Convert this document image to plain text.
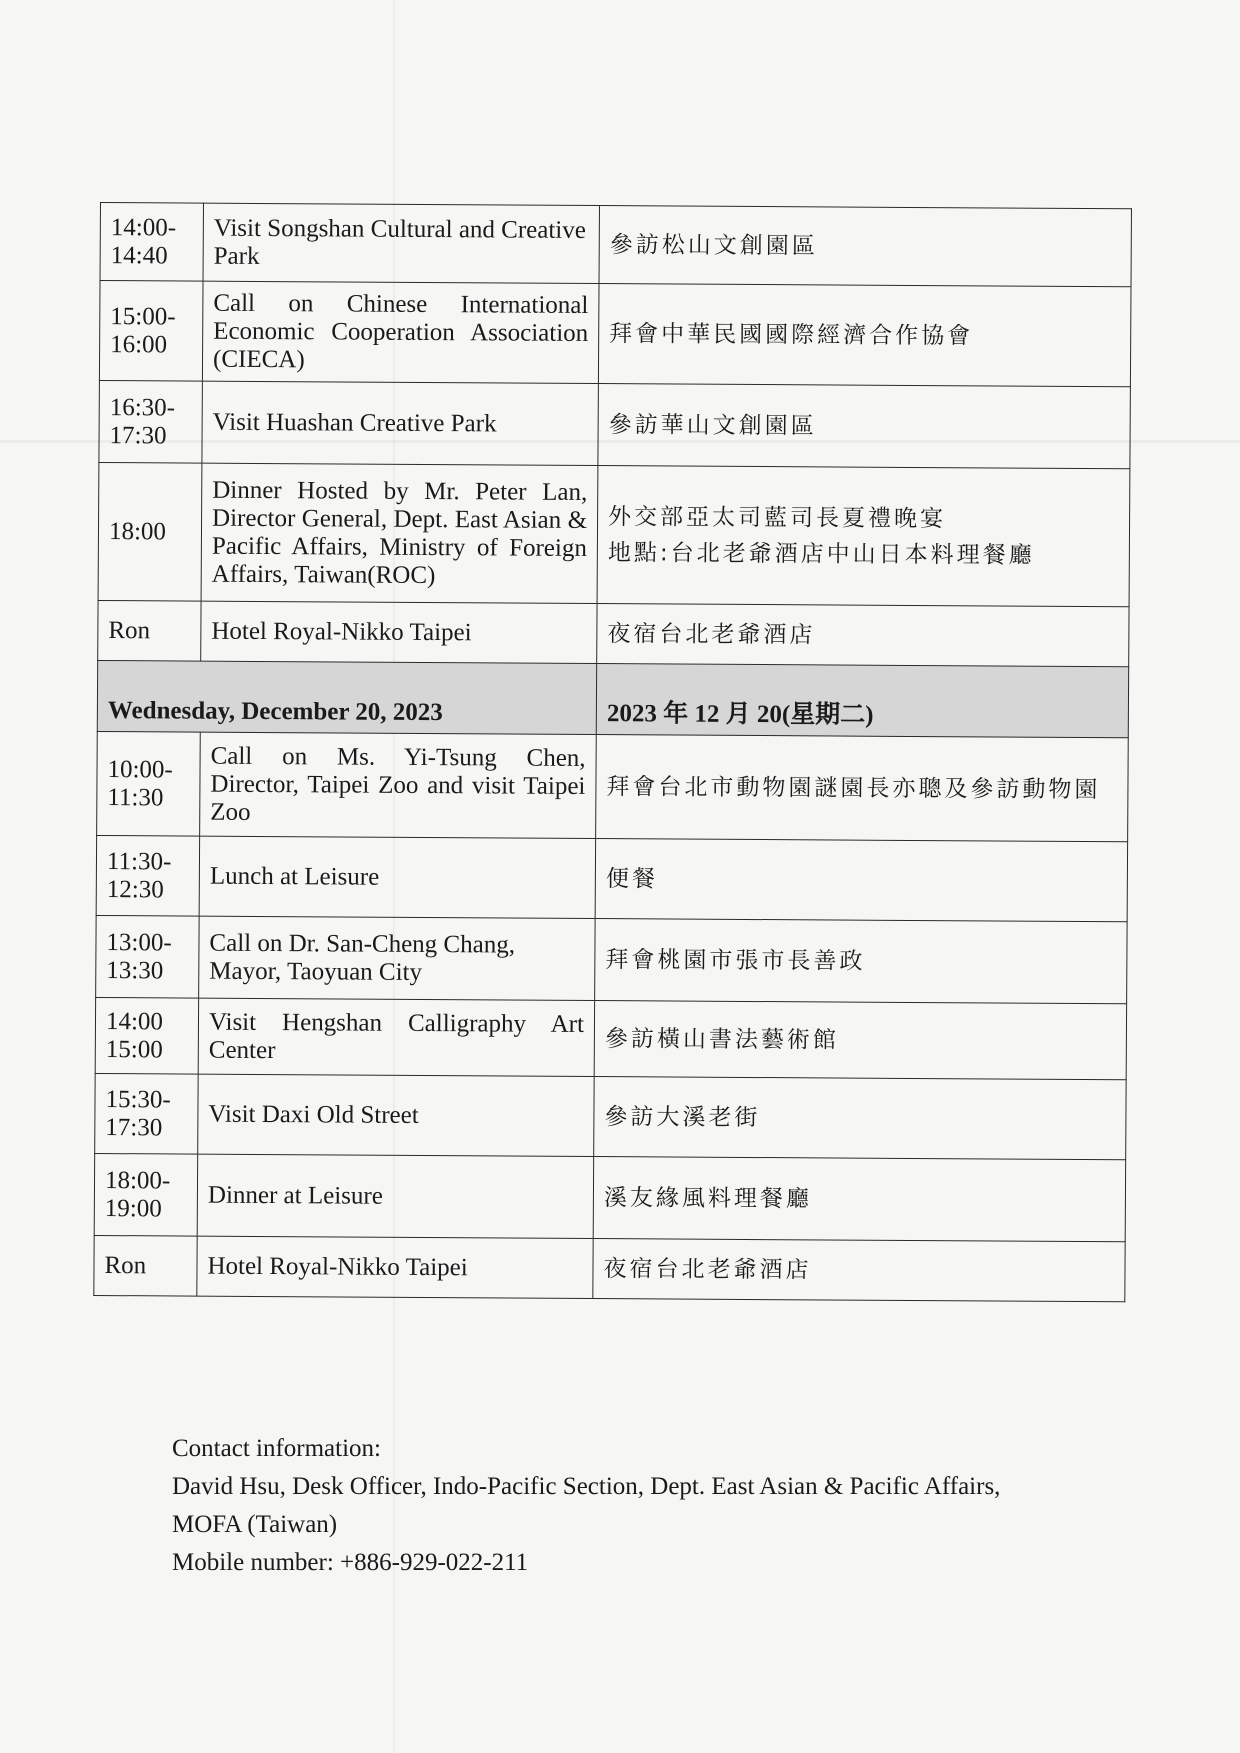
14:00-14:40	Visit Songshan Cultural and Creative Park	參訪松山文創園區
15:00-16:00	Call on Chinese International Economic Cooperation Association (CIECA)	拜會中華民國國際經濟合作協會
16:30-17:30	Visit Huashan Creative Park	參訪華山文創園區
18:00	Dinner Hosted by Mr. Peter Lan, Director General, Dept. East Asian & Pacific Affairs, Ministry of Foreign Affairs, Taiwan(ROC)	外交部亞太司藍司長夏禮晚宴
地點:台北老爺酒店中山日本料理餐廳

Ron	Hotel Royal-Nikko Taipei	夜宿台北老爺酒店
Wednesday, December 20, 2023		2023 年 12 月 20(星期二)
10:00-11:30	Call on Ms. Yi-Tsung Chen, Director, Taipei Zoo and visit Taipei Zoo	拜會台北市動物園謎園長亦聰及參訪動物園
11:30-12:30	Lunch at Leisure	便餐
13:00-13:30	Call on Dr. San-Cheng Chang, Mayor, Taoyuan City	拜會桃園市張市長善政
14:00 15:00	Visit Hengshan Calligraphy Art Center	參訪橫山書法藝術館
15:30-17:30	Visit Daxi Old Street	參訪大溪老街
18:00-19:00	Dinner at Leisure	溪友緣風料理餐廳
Ron	Hotel Royal-Nikko Taipei	夜宿台北老爺酒店
Contact information:
David Hsu, Desk Officer, Indo-Pacific Section, Dept. East Asian & Pacific Affairs,
MOFA (Taiwan)
Mobile number: +886-929-022-211
